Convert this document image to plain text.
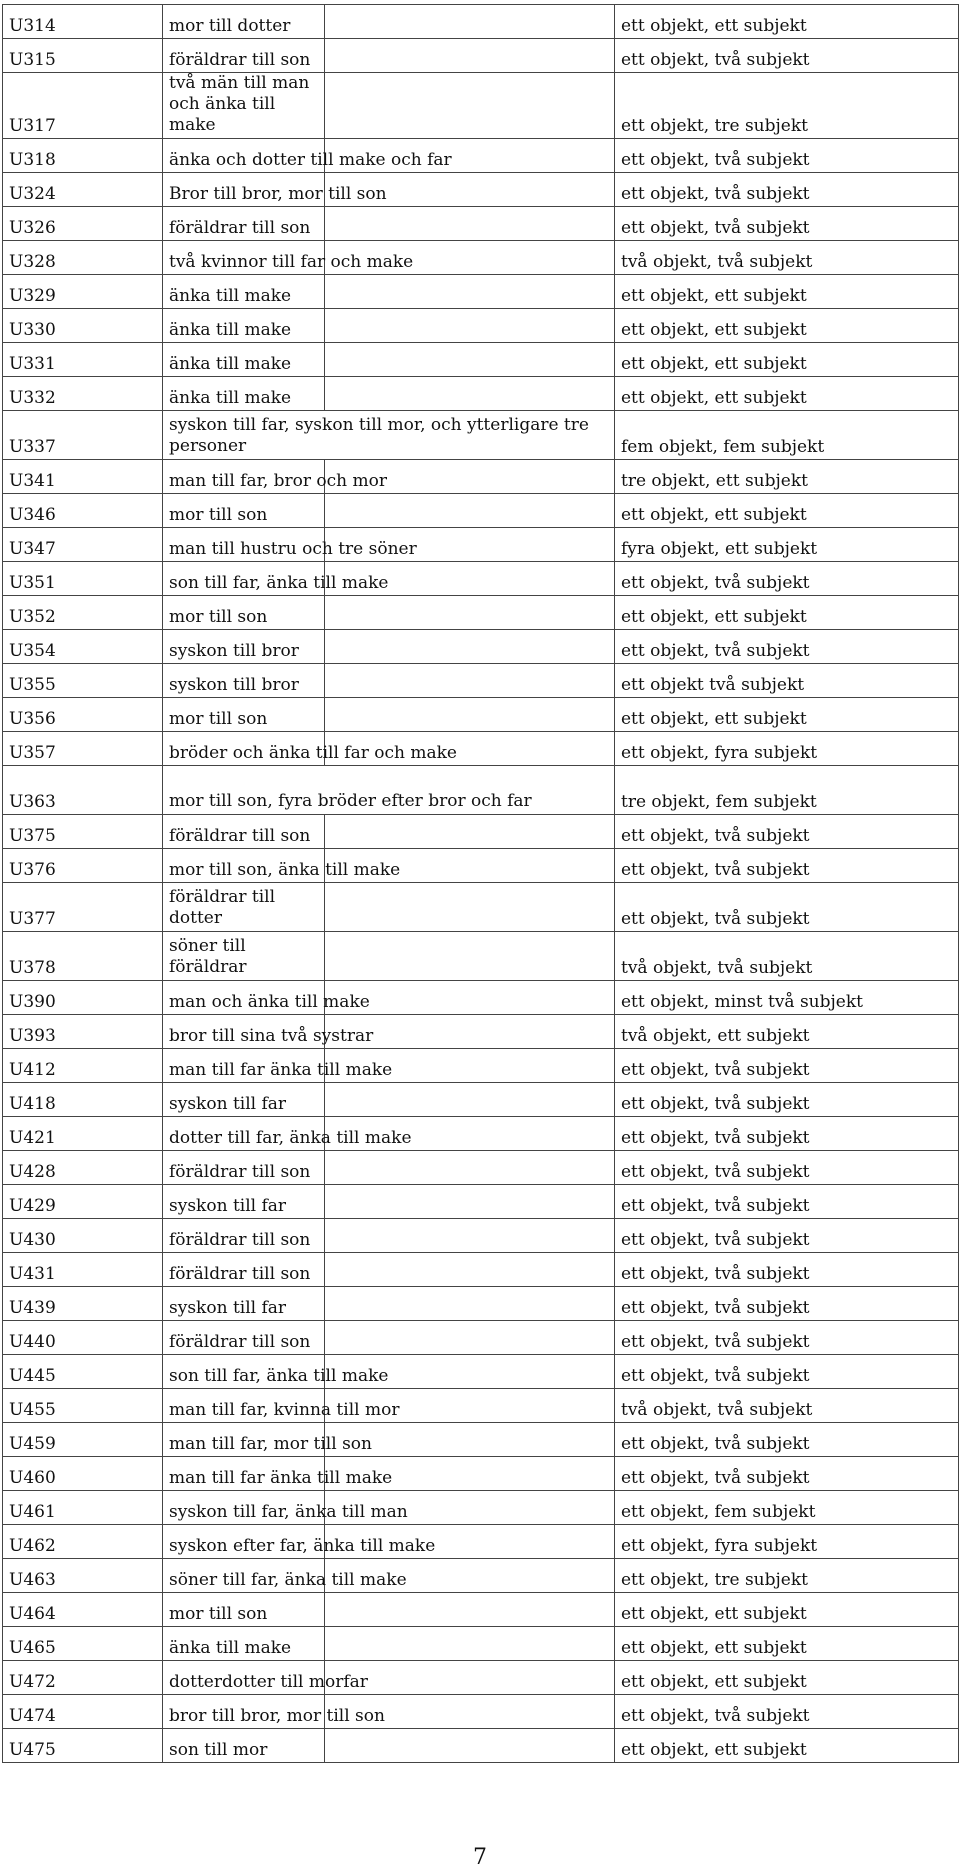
U314	mor till dotter		ett objekt, ett subjekt
U315	föräldrar till son		ett objekt, två subjekt
U317	två män till man och änka till make		ett objekt, tre subjekt
U318	änka och dotter till make och far		ett objekt, två subjekt
U324	Bror till bror, mor till son		ett objekt, två subjekt
U326	föräldrar till son		ett objekt, två subjekt
U328	två kvinnor till far och make		två objekt, två subjekt
U329	änka till make		ett objekt, ett subjekt
U330	änka till make		ett objekt, ett subjekt
U331	änka till make		ett objekt, ett subjekt
U332	änka till make		ett objekt, ett subjekt
U337	syskon till far, syskon till mor, och ytterligare tre personer		fem objekt, fem subjekt
U341	man till far, bror och mor		tre objekt, ett subjekt
U346	mor till son		ett objekt, ett subjekt
U347	man till hustru och tre söner		fyra objekt, ett subjekt
U351	son till far, änka till make		ett objekt, två subjekt
U352	mor till son		ett objekt, ett subjekt
U354	syskon till bror		ett objekt, två subjekt
U355	syskon till bror		ett objekt två subjekt
U356	mor till son		ett objekt, ett subjekt
U357	bröder och änka till far och make		ett objekt, fyra subjekt
U363	mor till son, fyra bröder efter bror och far		tre objekt, fem subjekt
U375	föräldrar till son		ett objekt, två subjekt
U376	mor till son, änka till make		ett objekt, två subjekt
U377	föräldrar till dotter		ett objekt, två subjekt
U378	söner till föräldrar		två objekt, två subjekt
U390	man och änka till make		ett objekt, minst två subjekt
U393	bror till sina två systrar		två objekt, ett subjekt
U412	man till far änka till make		ett objekt, två subjekt
U418	syskon till far		ett objekt, två subjekt
U421	dotter till far, änka till make		ett objekt, två subjekt
U428	föräldrar till son		ett objekt, två subjekt
U429	syskon till far		ett objekt, två subjekt
U430	föräldrar till son		ett objekt, två subjekt
U431	föräldrar till son		ett objekt, två subjekt
U439	syskon till far		ett objekt, två subjekt
U440	föräldrar till son		ett objekt, två subjekt
U445	son till far, änka till make		ett objekt, två subjekt
U455	man till far, kvinna till mor		två objekt, två subjekt
U459	man till far, mor till son		ett objekt, två subjekt
U460	man till far änka till make		ett objekt, två subjekt
U461	syskon till far, änka till man		ett objekt, fem subjekt
U462	syskon efter far, änka till make		ett objekt, fyra subjekt
U463	söner till far, änka till make		ett objekt, tre subjekt
U464	mor till son		ett objekt, ett subjekt
U465	änka till make		ett objekt, ett subjekt
U472	dotterdotter till morfar		ett objekt, ett subjekt
U474	bror till bror, mor till son		ett objekt, två subjekt
U475	son till mor		ett objekt, ett subjekt
7
